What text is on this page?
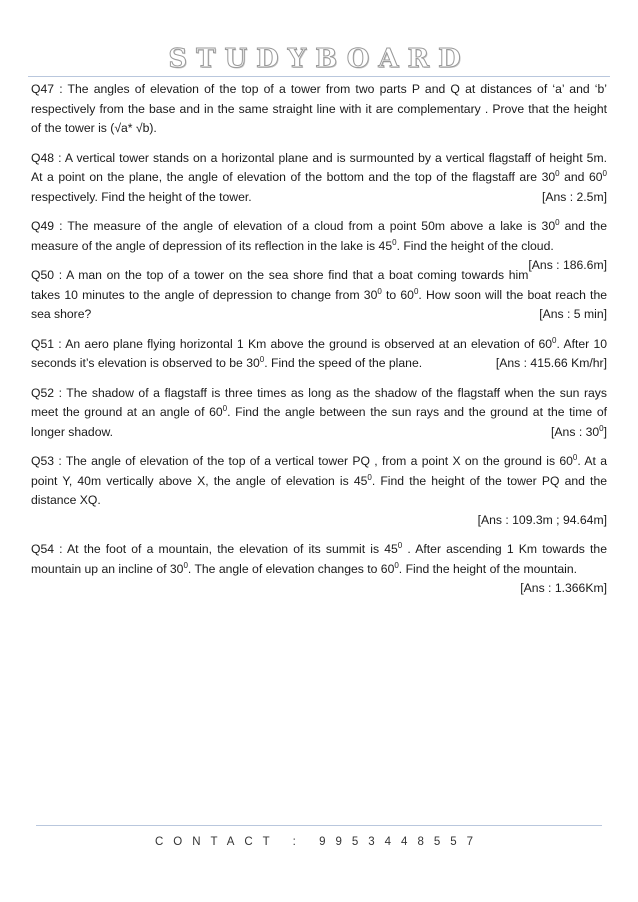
STUDYBOARD

Q47 : The angles of elevation of the top of a tower from two parts P and Q at distances of ‘a’ and ‘b’ respectively from the base and in the same straight line with it are complementary . Prove that the height of the tower is (√a* √b).

Q48 : A vertical tower stands on a horizontal plane and is surmounted by a vertical flagstaff of height 5m. At a point on the plane, the angle of elevation of the bottom and the top of the flagstaff are $30^0$ and $60^0$ respectively. Find the height of the tower.	[Ans : 2.5m]

Q49 : The measure of the angle of elevation of a cloud from a point 50m above a lake is $30^0$ and the measure of the angle of depression of its reflection in the lake is $45^0$. Find the height of the cloud.
[Ans : 186.6m]

Q50 : A man on the top of a tower on the sea shore find that a boat coming towards him takes 10 minutes to the angle of depression to change from $30^0$ to $60^0$. How soon will the boat reach the sea shore?	[Ans : 5 min]

Q51 : An aero plane flying horizontal 1 Km above the ground is observed at an elevation of $60^0$. After 10 seconds it’s elevation is observed to be $30^0$. Find the speed of the plane.	[Ans : 415.66 Km/hr]

Q52 : The shadow of a flagstaff is three times as long as the shadow of the flagstaff when the sun rays meet the ground at an angle of $60^0$. Find the angle between the sun rays and the ground at the time of longer shadow.	[Ans : $30^0$]

Q53 : The angle of elevation of the top of a vertical tower PQ , from a point X on the ground is $60^0$. At a point Y, 40m vertically above X, the angle of elevation is $45^0$. Find the height of the tower PQ and the distance XQ.

[Ans : 109.3m ; 94.64m]

Q54 : At the foot of a mountain, the elevation of its summit is $45^0$ . After ascending 1 Km towards the mountain up an incline of $30^0$. The angle of elevation changes to $60^0$. Find the height of the mountain.

[Ans : 1.366Km]
CONTACT : 9953448557
